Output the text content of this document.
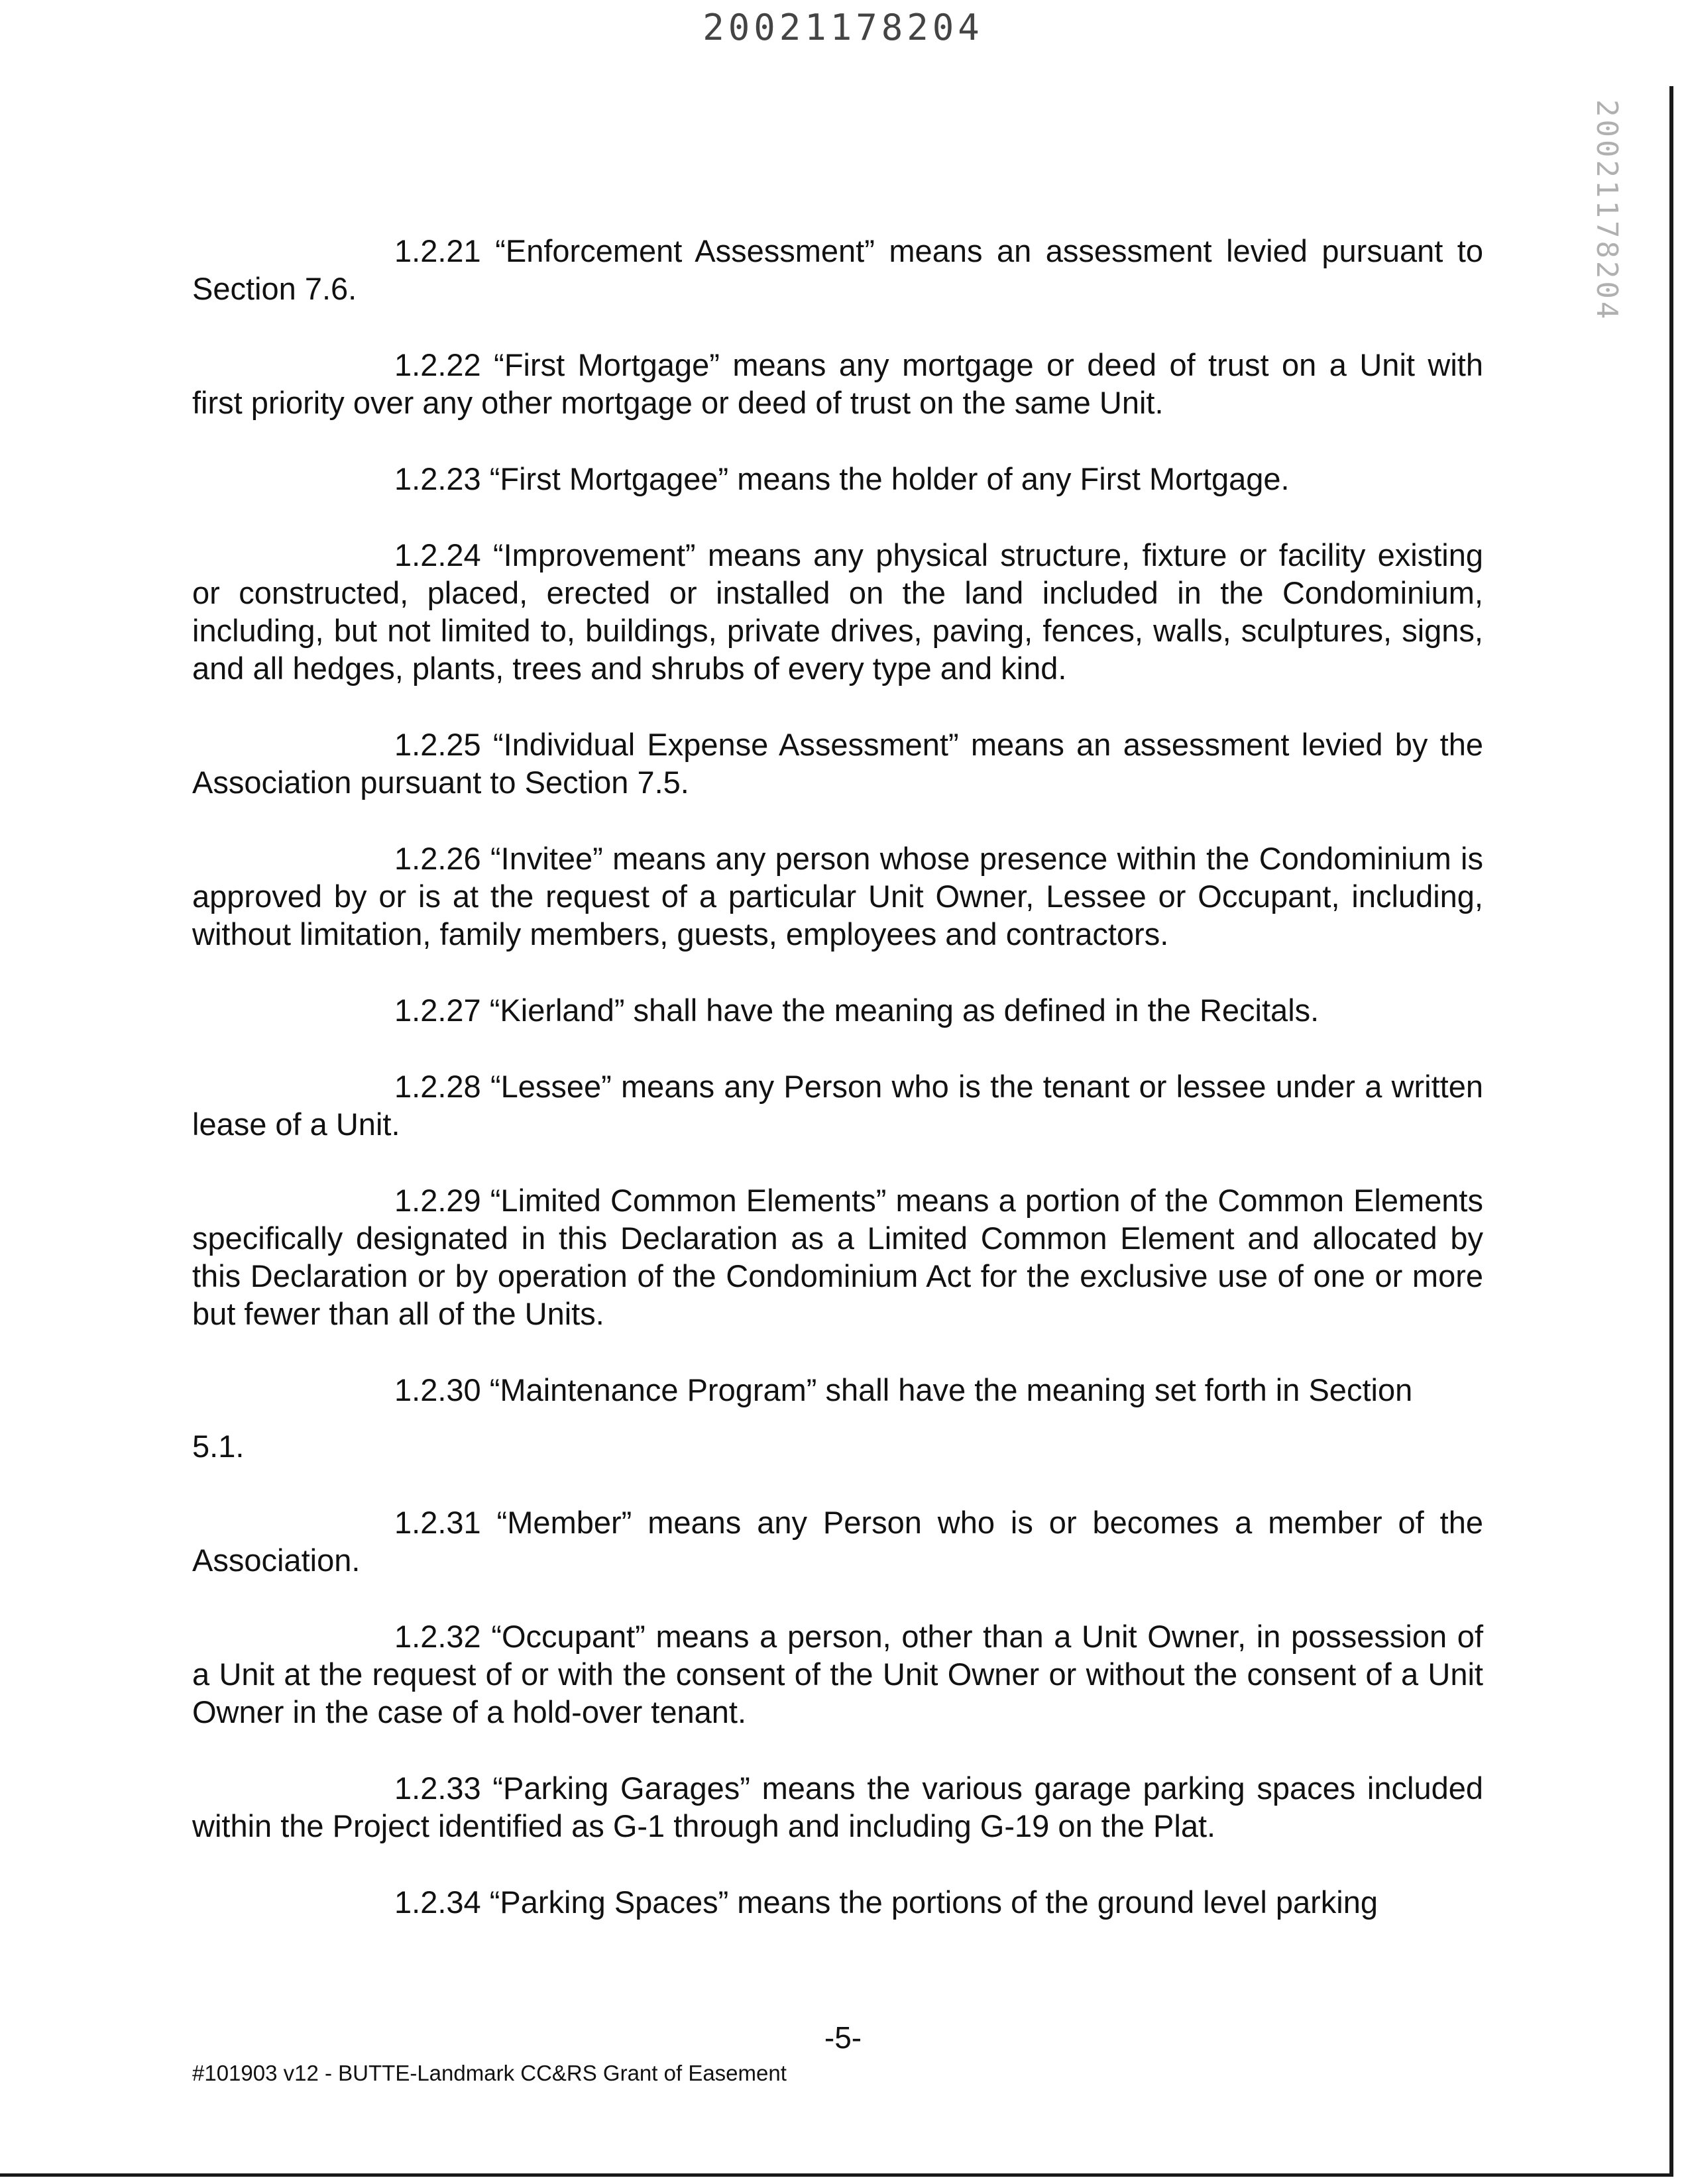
20021178204
20021178204

1.2.21 “Enforcement Assessment” means an assessment levied pursuant to Section 7.6.

1.2.22 “First Mortgage” means any mortgage or deed of trust on a Unit with first priority over any other mortgage or deed of trust on the same Unit.

1.2.23 “First Mortgagee” means the holder of any First Mortgage.

1.2.24 “Improvement” means any physical structure, fixture or facility existing or constructed, placed, erected or installed on the land included in the Condominium, including, but not limited to, buildings, private drives, paving, fences, walls, sculptures, signs, and all hedges, plants, trees and shrubs of every type and kind.

1.2.25 “Individual Expense Assessment” means an assessment levied by the Association pursuant to Section 7.5.

1.2.26 “Invitee” means any person whose presence within the Condominium is approved by or is at the request of a particular Unit Owner, Lessee or Occupant, including, without limitation, family members, guests, employees and contractors.

1.2.27 “Kierland” shall have the meaning as defined in the Recitals.

1.2.28 “Lessee” means any Person who is the tenant or lessee under a written lease of a Unit.

1.2.29 “Limited Common Elements” means a portion of the Common Elements specifically designated in this Declaration as a Limited Common Element and allocated by this Declaration or by operation of the Condominium Act for the exclusive use of one or more but fewer than all of the Units.

1.2.30 “Maintenance Program” shall have the meaning set forth in Section
5.1.

1.2.31 “Member” means any Person who is or becomes a member of the Association.

1.2.32 “Occupant” means a person, other than a Unit Owner, in possession of a Unit at the request of or with the consent of the Unit Owner or without the consent of a Unit Owner in the case of a hold-over tenant.

1.2.33 “Parking Garages” means the various garage parking spaces included within the Project identified as G-1 through and including G-19 on the Plat.

1.2.34 “Parking Spaces” means the portions of the ground level parking

-5-
#101903 v12 - BUTTE-Landmark CC&RS Grant of Easement
